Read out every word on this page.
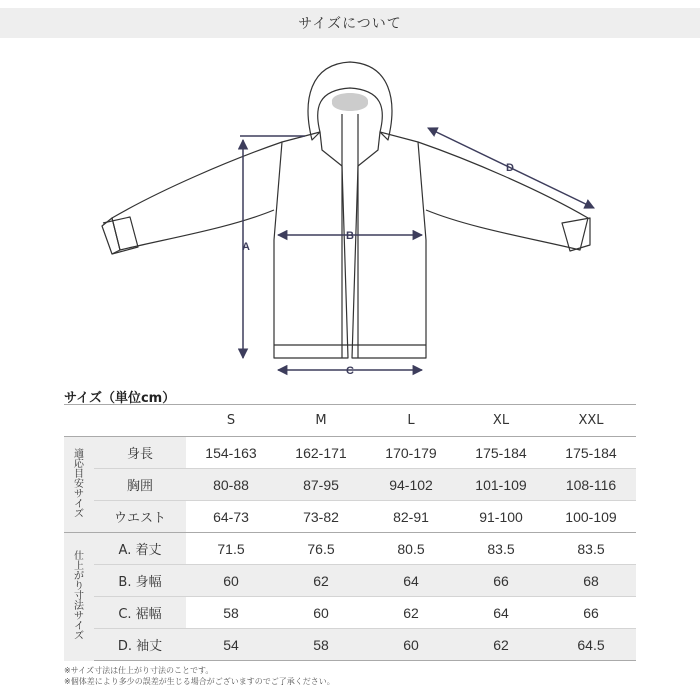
サイズについて
A
B
C
D
サイズ（単位cm）
		S	M	L	XL	XXL
適応目安サイズ	身長	154-163	162-171	170-179	175-184	175-184
	胸囲	80-88	87-95	94-102	101-109	108-116
	ウエスト	64-73	73-82	82-91	91-100	100-109
仕上がり寸法サイズ	A. 着丈	71.5	76.5	80.5	83.5	83.5
	B. 身幅	60	62	64	66	68
	C. 裾幅	58	60	62	64	66
	D. 袖丈	54	58	60	62	64.5
※サイズ寸法は仕上がり寸法のことです。
※個体差により多少の誤差が生じる場合がございますのでご了承ください。
